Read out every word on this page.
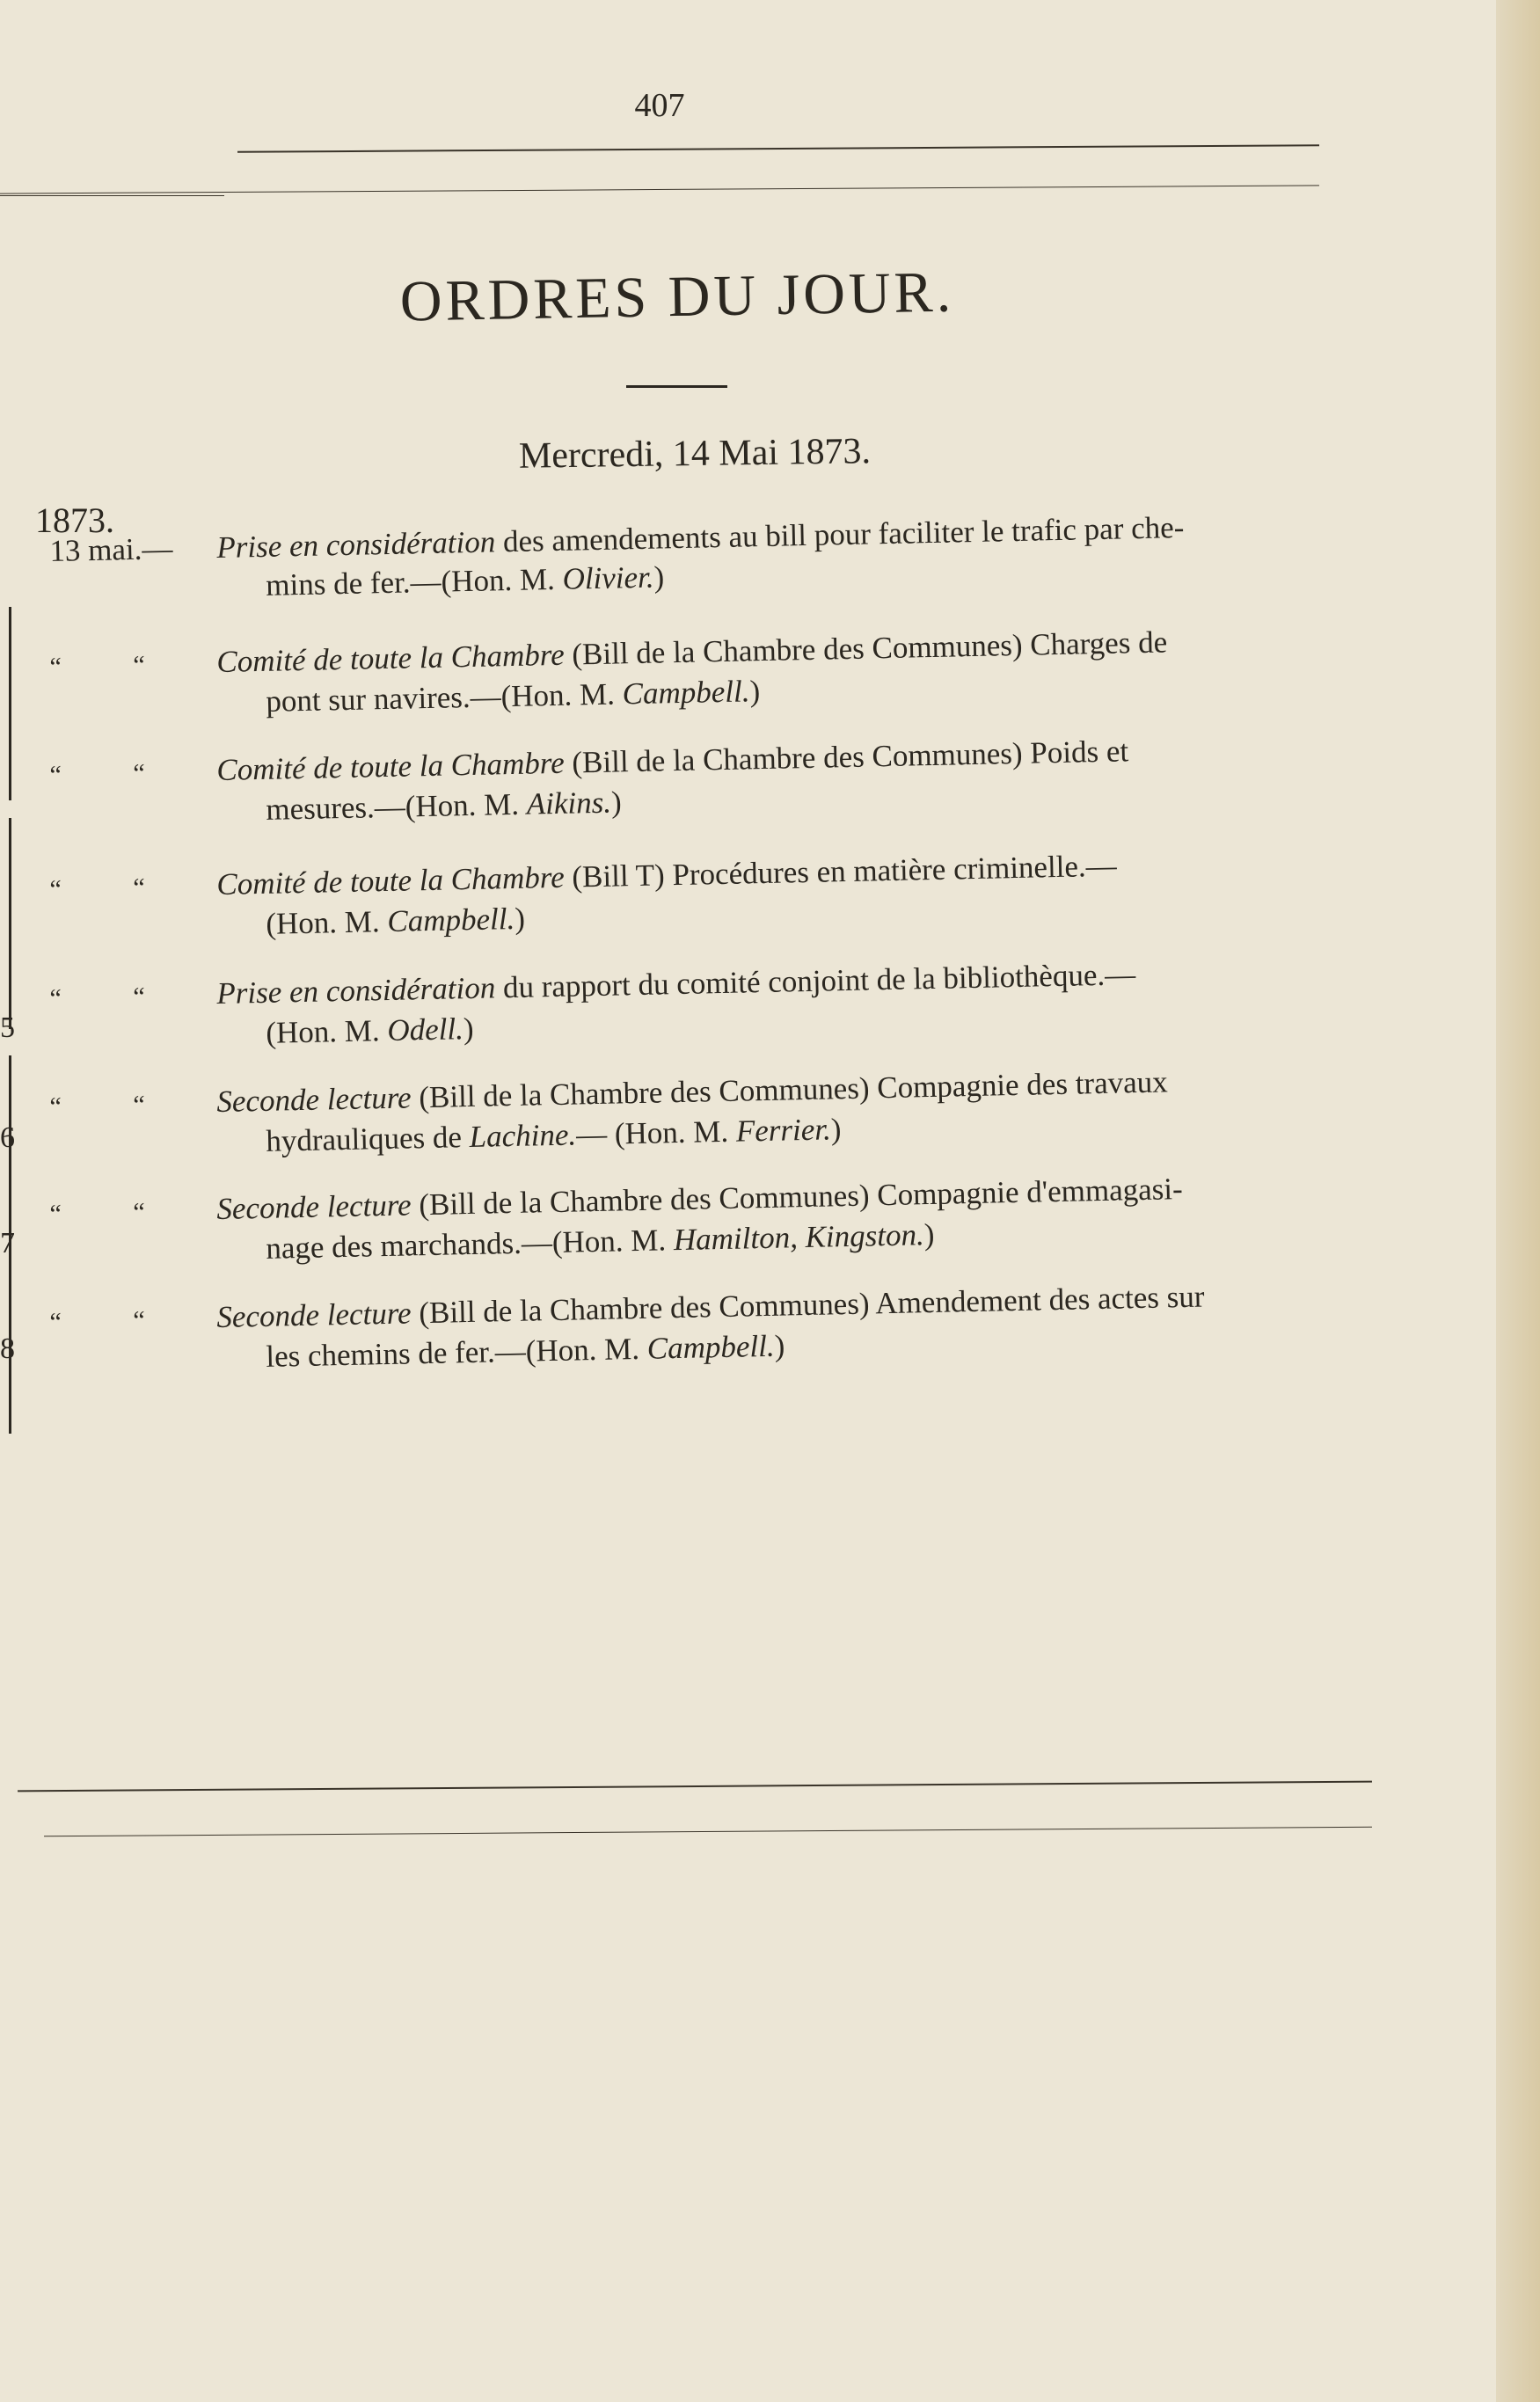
407
ORDRES DU JOUR.
Mercredi, 14 Mai 1873.
1873.
13 mai.— Prise en considération des amendements au bill pour faciliter le trafic par che-
mins de fer.—(Hon. M. Olivier.)
“	“ Comité de toute la Chambre (Bill de la Chambre des Communes) Charges de
pont sur navires.—(Hon. M. Campbell.)
“	“ Comité de toute la Chambre (Bill de la Chambre des Communes) Poids et
mesures.—(Hon. M. Aikins.)
“	“ Comité de toute la Chambre (Bill T) Procédures en matière criminelle.—
(Hon. M. Campbell.)
“	“ Prise en considération du rapport du comité conjoint de la bibliothèque.—
(Hon. M. Odell.)
“	“ Seconde lecture (Bill de la Chambre des Communes) Compagnie des travaux
hydrauliques de Lachine.— (Hon. M. Ferrier.)
“	“ Seconde lecture (Bill de la Chambre des Communes) Compagnie d'emmagasi-
nage des marchands.—(Hon. M. Hamilton, Kingston.)
“	“ Seconde lecture (Bill de la Chambre des Communes) Amendement des actes sur
les chemins de fer.—(Hon. M. Campbell.)
5
6
7
8
